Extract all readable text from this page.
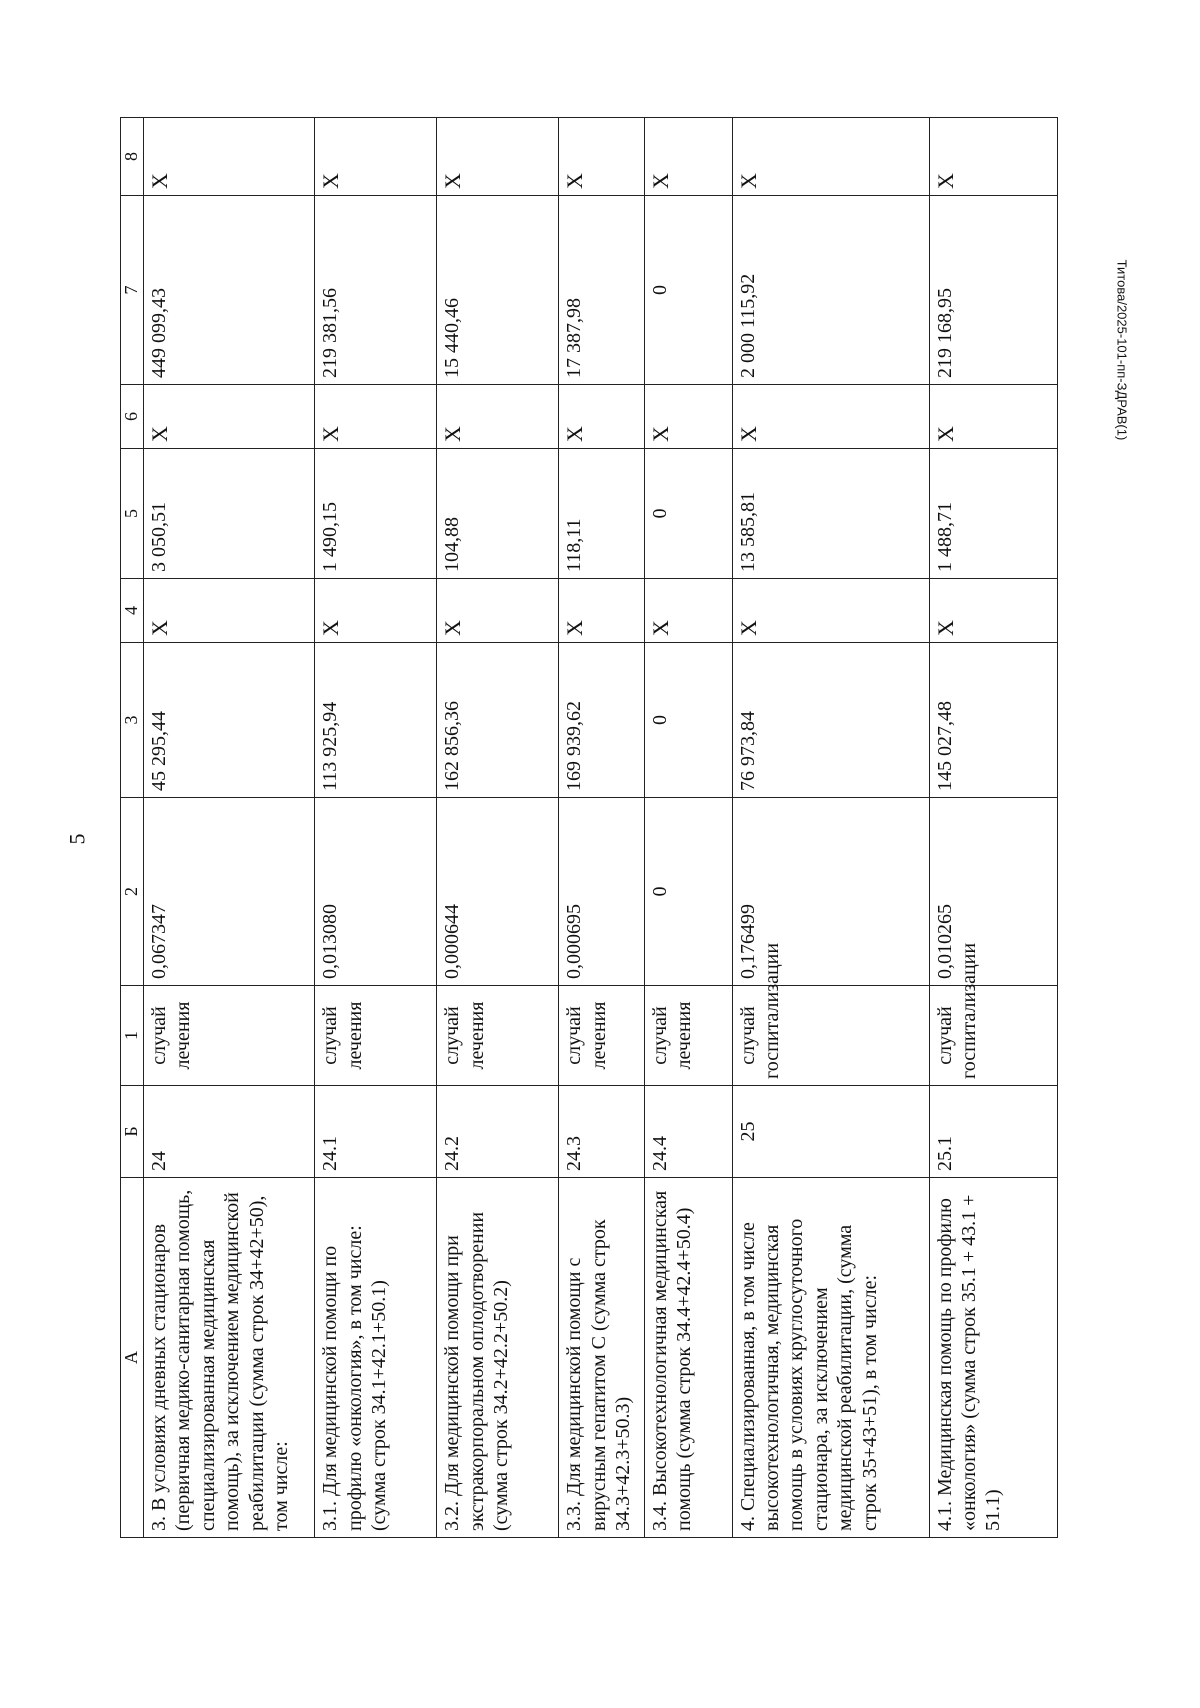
5
Титова/2025-101-пп-ЗДРАВ(1)
А	Б	1	2	3	4	5	6	7	8
3. В условиях дневных стационаров (первичная медико-санитарная помощь, специализированная медицинская помощь), за исключением медицинской реабилитации (сумма строк 34+42+50), том числе:	24	случай лечения	0,067347	45 295,44	X	3 050,51	X	449 099,43	X
3.1. Для медицинской помощи по профилю «онкология», в том числе: (сумма строк 34.1+42.1+50.1)	24.1	случай лечения	0,013080	113 925,94	X	1 490,15	X	219 381,56	X
3.2. Для медицинской помощи при экстракорпоральном оплодотворении (сумма строк 34.2+42.2+50.2)	24.2	случай лечения	0,000644	162 856,36	X	104,88	X	15 440,46	X
3.3. Для медицинской помощи с вирусным гепатитом С (сумма строк 34.3+42.3+50.3)	24.3	случай лечения	0,000695	169 939,62	X	118,11	X	17 387,98	X
3.4. Высокотехнологичная медицинская помощь (сумма строк 34.4+42.4+50.4)	24.4	случай лечения	0	0	X	0	X	0	X
4. Специализированная, в том числе высокотехнологичная, медицинская помощь в условиях круглосуточного стационара, за исключением медицинской реабилитации, (сумма строк 35+43+51), в том числе:	25	случай госпитализации	0,176499	76 973,84	X	13 585,81	X	2 000 115,92	X
4.1. Медицинская помощь по профилю «онкология» (сумма строк 35.1 + 43.1 + 51.1)	25.1	случай госпитализации	0,010265	145 027,48	X	1 488,71	X	219 168,95	X
